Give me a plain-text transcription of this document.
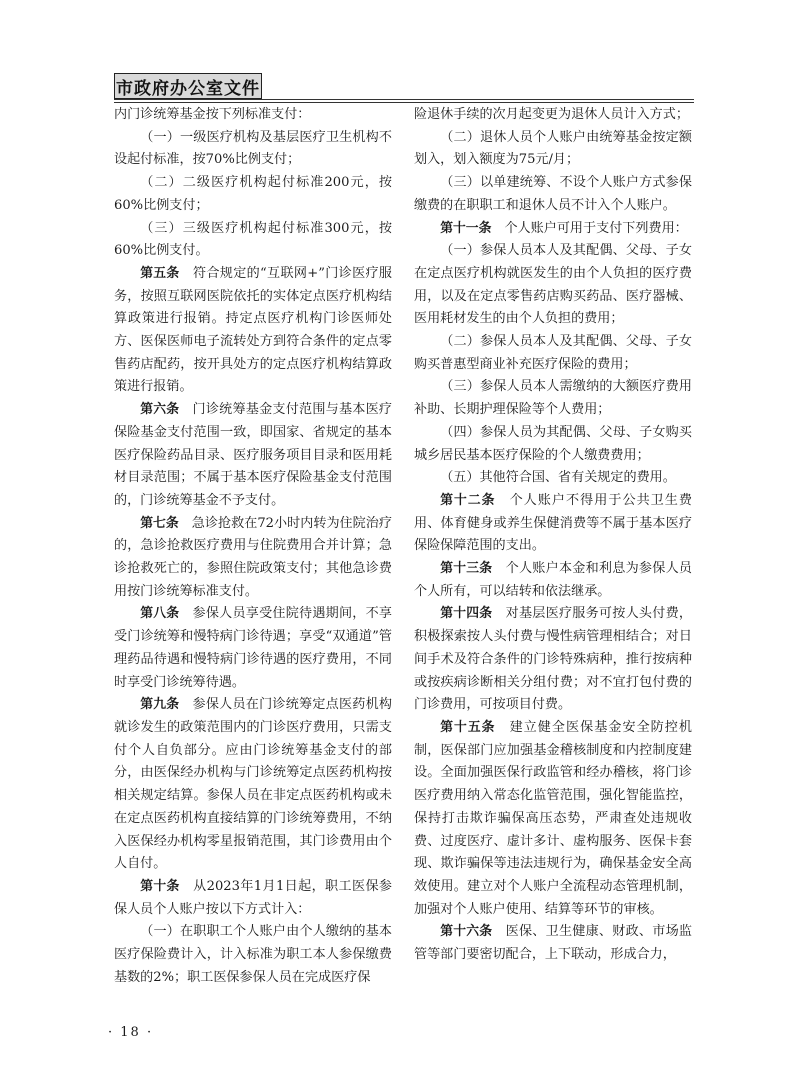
市政府办公室文件

内门诊统筹基金按下列标准支付：

（一）一级医疗机构及基层医疗卫生机构不设起付标准，按70%比例支付；

（二）二级医疗机构起付标准200元，按60%比例支付；

（三）三级医疗机构起付标准300元，按60%比例支付。

第五条  符合规定的“互联网+”门诊医疗服务，按照互联网医院依托的实体定点医疗机构结算政策进行报销。持定点医疗机构门诊医师处方、医保医师电子流转处方到符合条件的定点零售药店配药，按开具处方的定点医疗机构结算政策进行报销。

第六条  门诊统筹基金支付范围与基本医疗保险基金支付范围一致，即国家、省规定的基本医疗保险药品目录、医疗服务项目目录和医用耗材目录范围；不属于基本医疗保险基金支付范围的，门诊统筹基金不予支付。

第七条  急诊抢救在72小时内转为住院治疗的，急诊抢救医疗费用与住院费用合并计算；急诊抢救死亡的，参照住院政策支付；其他急诊费用按门诊统筹标准支付。

第八条  参保人员享受住院待遇期间，不享受门诊统筹和慢特病门诊待遇；享受“双通道”管理药品待遇和慢特病门诊待遇的医疗费用，不同时享受门诊统筹待遇。

第九条  参保人员在门诊统筹定点医药机构就诊发生的政策范围内的门诊医疗费用，只需支付个人自负部分。应由门诊统筹基金支付的部分，由医保经办机构与门诊统筹定点医药机构按相关规定结算。参保人员在非定点医药机构或未在定点医药机构直接结算的门诊统筹费用，不纳入医保经办机构零星报销范围，其门诊费用由个人自付。

第十条  从2023年1月1日起，职工医保参保人员个人账户按以下方式计入：

（一）在职职工个人账户由个人缴纳的基本医疗保险费计入，计入标准为职工本人参保缴费基数的2%；职工医保参保人员在完成医疗保

险退休手续的次月起变更为退休人员计入方式；

（二）退休人员个人账户由统筹基金按定额划入，划入额度为75元/月；

（三）以单建统筹、不设个人账户方式参保缴费的在职职工和退休人员不计入个人账户。

第十一条  个人账户可用于支付下列费用：

（一）参保人员本人及其配偶、父母、子女在定点医疗机构就医发生的由个人负担的医疗费用，以及在定点零售药店购买药品、医疗器械、医用耗材发生的由个人负担的费用；

（二）参保人员本人及其配偶、父母、子女购买普惠型商业补充医疗保险的费用；

（三）参保人员本人需缴纳的大额医疗费用补助、长期护理保险等个人费用；

（四）参保人员为其配偶、父母、子女购买城乡居民基本医疗保险的个人缴费费用；

（五）其他符合国、省有关规定的费用。

第十二条  个人账户不得用于公共卫生费用、体育健身或养生保健消费等不属于基本医疗保险保障范围的支出。

第十三条  个人账户本金和利息为参保人员个人所有，可以结转和依法继承。

第十四条  对基层医疗服务可按人头付费，积极探索按人头付费与慢性病管理相结合；对日间手术及符合条件的门诊特殊病种，推行按病种或按疾病诊断相关分组付费；对不宜打包付费的门诊费用，可按项目付费。

第十五条  建立健全医保基金安全防控机制，医保部门应加强基金稽核制度和内控制度建设。全面加强医保行政监管和经办稽核，将门诊医疗费用纳入常态化监管范围，强化智能监控，保持打击欺诈骗保高压态势，严肃查处违规收费、过度医疗、虚计多计、虚构服务、医保卡套现、欺诈骗保等违法违规行为，确保基金安全高效使用。建立对个人账户全流程动态管理机制，加强对个人账户使用、结算等环节的审核。

第十六条  医保、卫生健康、财政、市场监管等部门要密切配合，上下联动，形成合力，

· 18 ·
